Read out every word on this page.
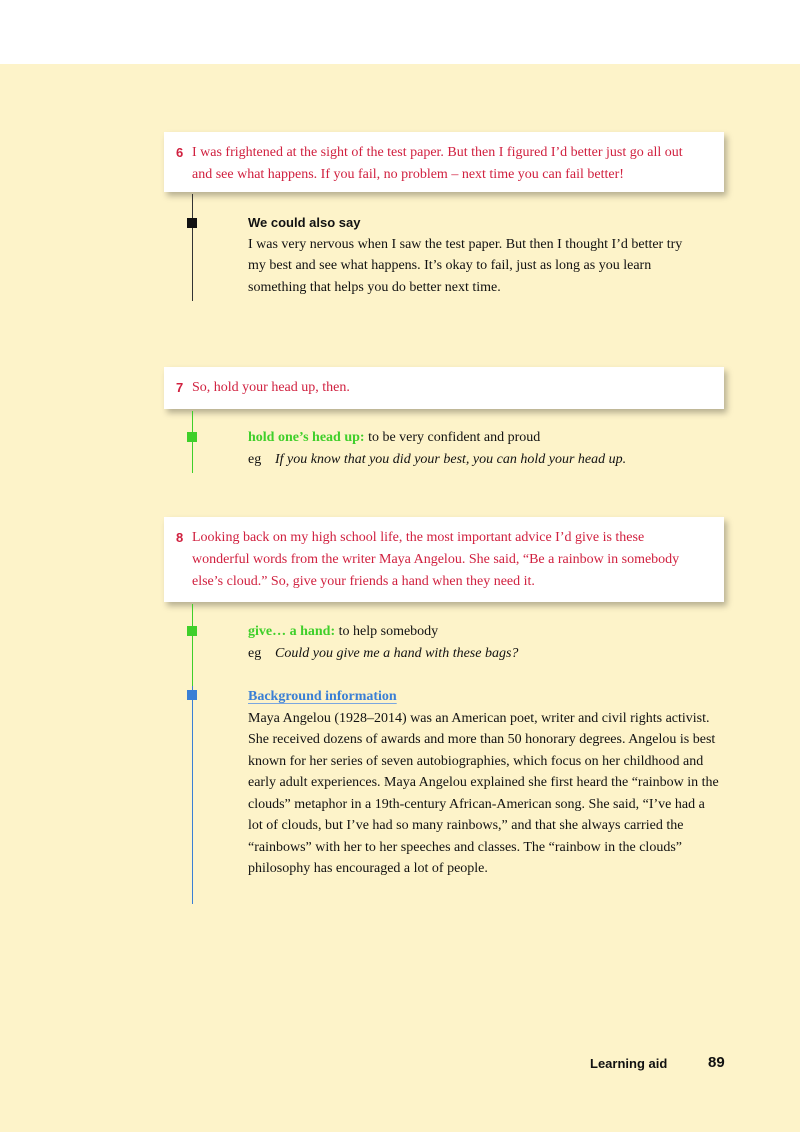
6 I was frightened at the sight of the test paper. But then I figured I’d better just go all out and see what happens. If you fail, no problem – next time you can fail better!
We could also say
I was very nervous when I saw the test paper. But then I thought I’d better try my best and see what happens. It’s okay to fail, just as long as you learn something that helps you do better next time.
7 So, hold your head up, then.
hold one’s head up: to be very confident and proud
eg If you know that you did your best, you can hold your head up.
8 Looking back on my high school life, the most important advice I’d give is these wonderful words from the writer Maya Angelou. She said, “Be a rainbow in somebody else’s cloud.” So, give your friends a hand when they need it.
give… a hand: to help somebody
eg Could you give me a hand with these bags?
Background information
Maya Angelou (1928–2014) was an American poet, writer and civil rights activist. She received dozens of awards and more than 50 honorary degrees. Angelou is best known for her series of seven autobiographies, which focus on her childhood and early adult experiences. Maya Angelou explained she first heard the “rainbow in the clouds” metaphor in a 19th-century African-American song. She said, “I’ve had a lot of clouds, but I’ve had so many rainbows,” and that she always carried the “rainbows” with her to her speeches and classes. The “rainbow in the clouds” philosophy has encouraged a lot of people.
Learning aid	89
